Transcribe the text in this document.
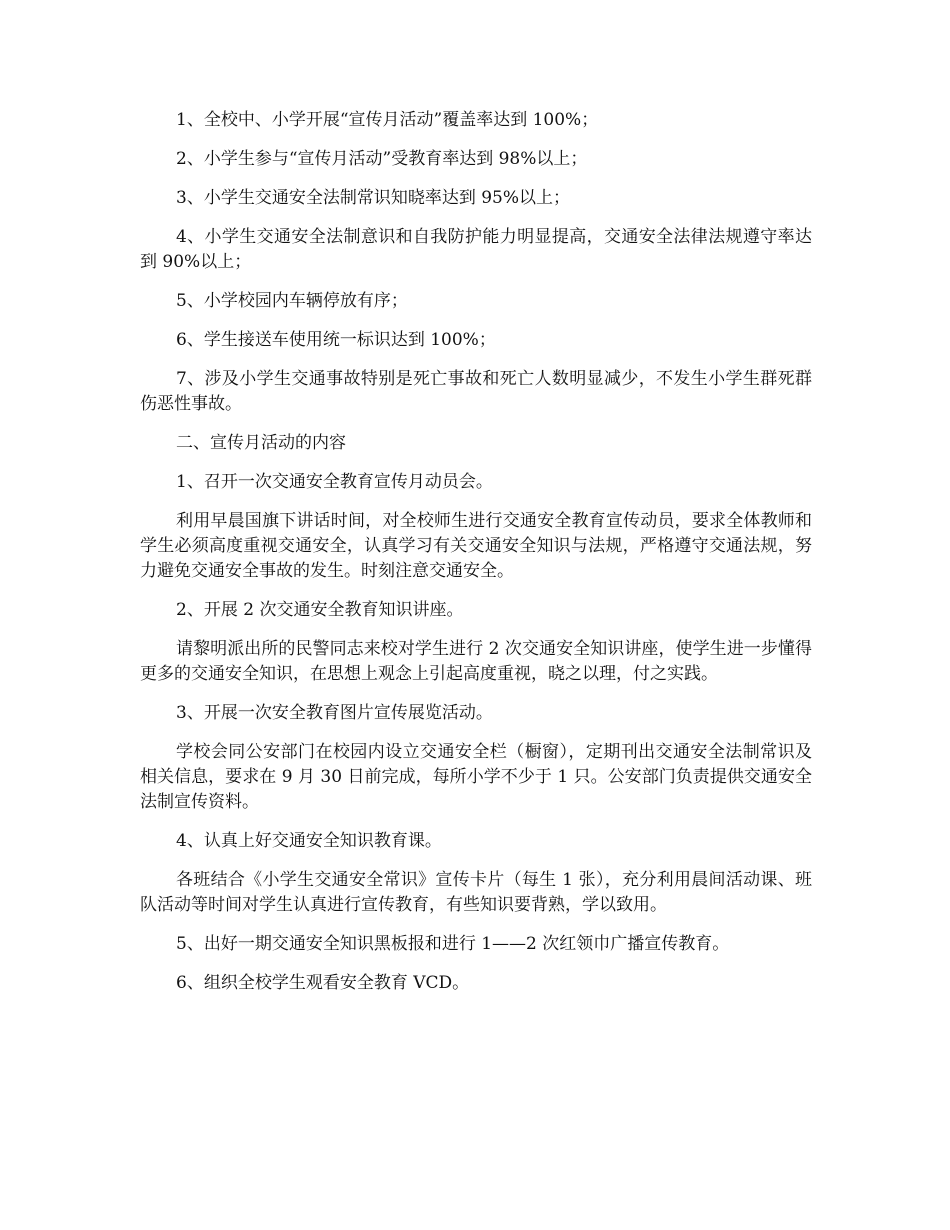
1、全校中、小学开展“宣传月活动”覆盖率达到 100%；

2、小学生参与“宣传月活动”受教育率达到 98%以上；

3、小学生交通安全法制常识知晓率达到 95%以上；

4、小学生交通安全法制意识和自我防护能力明显提高，交通安全法律法规遵守率达到 90%以上；

5、小学校园内车辆停放有序；

6、学生接送车使用统一标识达到 100%；

7、涉及小学生交通事故特别是死亡事故和死亡人数明显减少，不发生小学生群死群伤恶性事故。

二、宣传月活动的内容

1、召开一次交通安全教育宣传月动员会。

利用早晨国旗下讲话时间，对全校师生进行交通安全教育宣传动员，要求全体教师和学生必须高度重视交通安全，认真学习有关交通安全知识与法规，严格遵守交通法规，努力避免交通安全事故的发生。时刻注意交通安全。

2、开展 2 次交通安全教育知识讲座。

请黎明派出所的民警同志来校对学生进行 2 次交通安全知识讲座，使学生进一步懂得更多的交通安全知识，在思想上观念上引起高度重视，晓之以理，付之实践。

3、开展一次安全教育图片宣传展览活动。

学校会同公安部门在校园内设立交通安全栏（橱窗），定期刊出交通安全法制常识及相关信息，要求在 9 月 30 日前完成，每所小学不少于 1 只。公安部门负责提供交通安全法制宣传资料。

4、认真上好交通安全知识教育课。

各班结合《小学生交通安全常识》宣传卡片（每生 1 张），充分利用晨间活动课、班队活动等时间对学生认真进行宣传教育，有些知识要背熟，学以致用。

5、出好一期交通安全知识黑板报和进行 1——2 次红领巾广播宣传教育。

6、组织全校学生观看安全教育 VCD。
